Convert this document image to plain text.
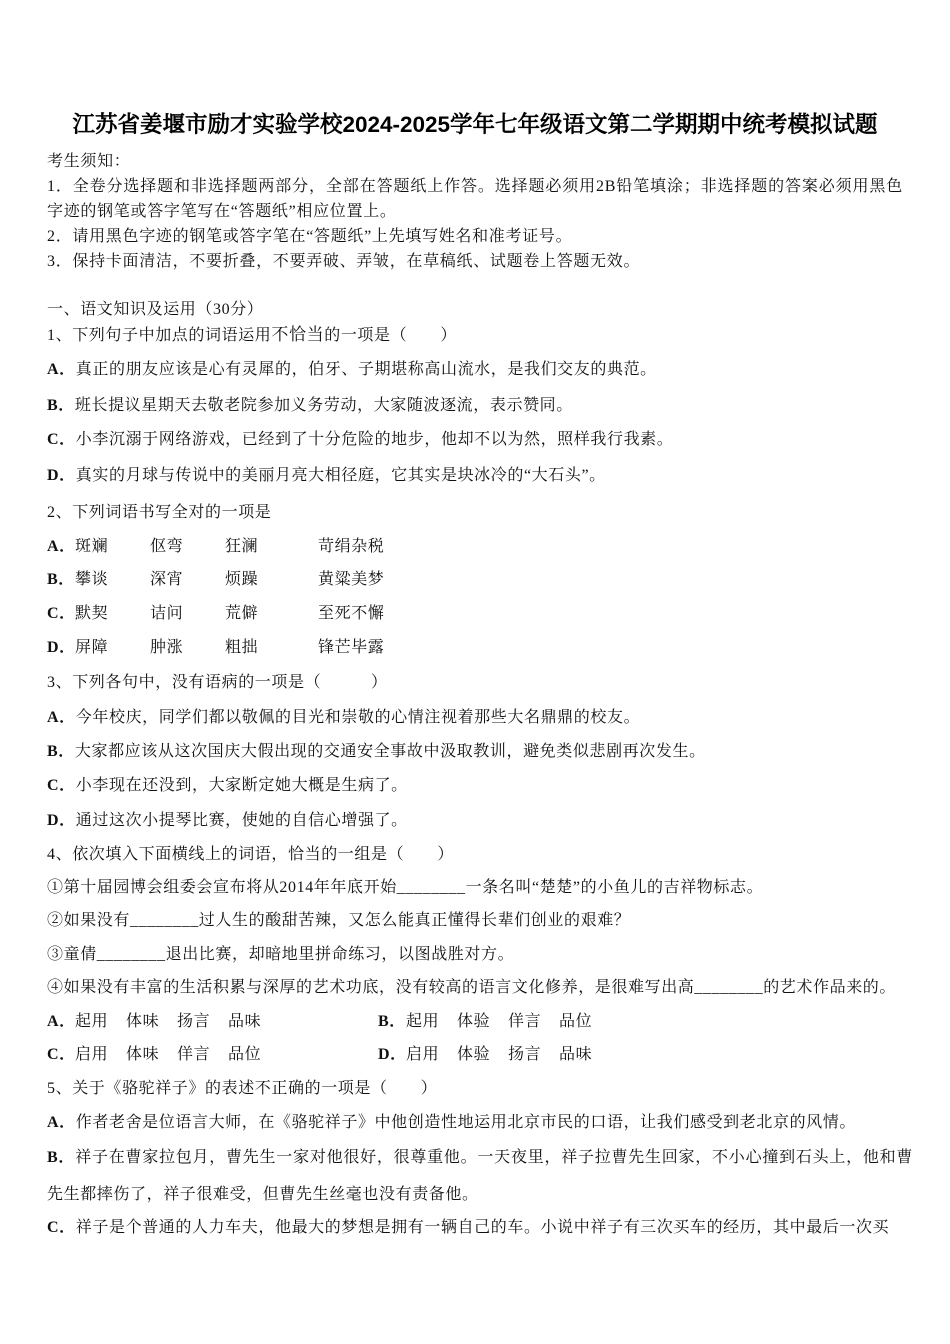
江苏省姜堰市励才实验学校2024-2025学年七年级语文第二学期期中统考模拟试题

考生须知：

1．全卷分选择题和非选择题两部分，全部在答题纸上作答。选择题必须用2B铅笔填涂；非选择题的答案必须用黑色字迹的钢笔或答字笔写在“答题纸”相应位置上。

2．请用黑色字迹的钢笔或答字笔在“答题纸”上先填写姓名和准考证号。

3．保持卡面清洁，不要折叠，不要弄破、弄皱，在草稿纸、试题卷上答题无效。

一、语文知识及运用（30分）
1、下列句子中加点的词语运用不恰当的一项是（　　）
A．真正的朋友应该是心有灵犀的，伯牙、子期堪称高山流水，是我们交友的典范。
B．班长提议星期天去敬老院参加义务劳动，大家随波逐流，表示赞同。
C．小李沉溺于网络游戏，已经到了十分危险的地步，他却不以为然，照样我行我素。
D．真实的月球与传说中的美丽月亮大相径庭，它其实是块冰冷的“大石头”。
2、下列词语书写全对的一项是
A．斑斓	伛弯	狂澜	苛绢杂税
B．攀谈	深宵	烦躁	黄粱美梦
C．默契	诘问	荒僻	至死不懈
D．屏障	肿涨	粗拙	锋芒毕露
3、下列各句中，没有语病的一项是（　　　）
A．今年校庆，同学们都以敬佩的目光和崇敬的心情注视着那些大名鼎鼎的校友。
B．大家都应该从这次国庆大假出现的交通安全事故中汲取教训，避免类似悲剧再次发生。
C．小李现在还没到，大家断定她大概是生病了。
D．通过这次小提琴比赛，使她的自信心增强了。
4、依次填入下面横线上的词语，恰当的一组是（　　）
①第十届园博会组委会宣布将从2014年年底开始________一条名叫“楚楚”的小鱼儿的吉祥物标志。
②如果没有________过人生的酸甜苦辣，又怎么能真正懂得长辈们创业的艰难？
③童倩________退出比赛，却暗地里拼命练习，以图战胜对方。
④如果没有丰富的生活积累与深厚的艺术功底，没有较高的语言文化修养，是很难写出高________的艺术作品来的。
A．起用 体味 扬言 品味	B．起用 体验 佯言 品位
C．启用 体味 佯言 品位	D．启用 体验 扬言 品味
5、关于《骆驼祥子》的表述不正确的一项是（　　）
A．作者老舍是位语言大师，在《骆驼祥子》中他创造性地运用北京市民的口语，让我们感受到老北京的风情。
B．祥子在曹家拉包月，曹先生一家对他很好，很尊重他。一天夜里，祥子拉曹先生回家，不小心撞到石头上，他和曹先生都摔伤了，祥子很难受，但曹先生丝毫也没有责备他。
C．祥子是个普通的人力车夫，他最大的梦想是拥有一辆自己的车。小说中祥子有三次买车的经历，其中最后一次买
